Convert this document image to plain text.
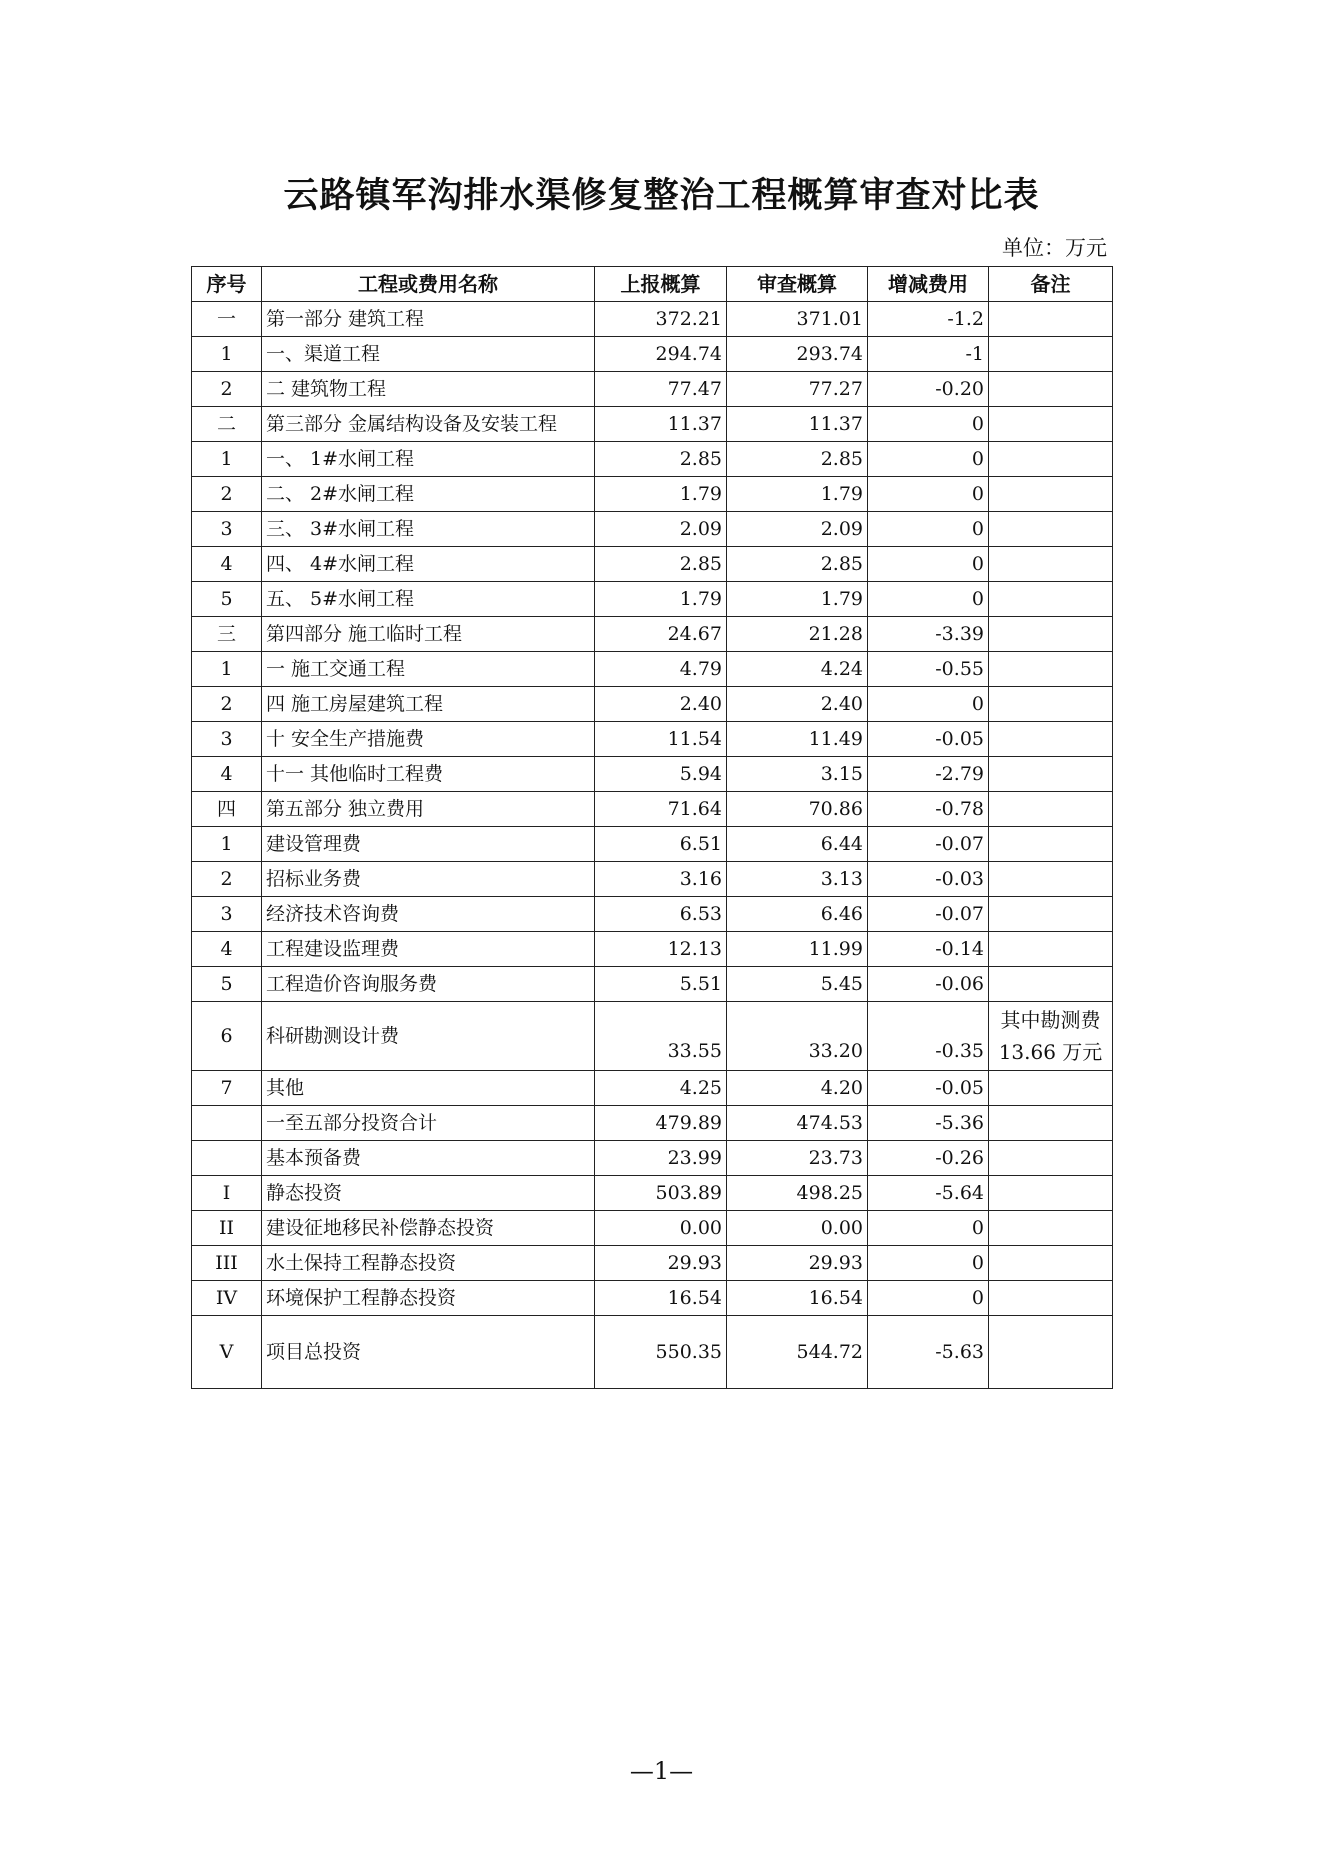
云路镇军沟排水渠修复整治工程概算审查对比表
单位：万元
序号	工程或费用名称	上报概算	审查概算	增减费用	备注
一	第一部分 建筑工程	372.21	371.01	-1.2	
1	一、渠道工程	294.74	293.74	-1	
2	二 建筑物工程	77.47	77.27	-0.20	
二	第三部分 金属结构设备及安装工程	11.37	11.37	0	
1	一、 1#水闸工程	2.85	2.85	0	
2	二、 2#水闸工程	1.79	1.79	0	
3	三、 3#水闸工程	2.09	2.09	0	
4	四、 4#水闸工程	2.85	2.85	0	
5	五、 5#水闸工程	1.79	1.79	0	
三	第四部分 施工临时工程	24.67	21.28	-3.39	
1	一 施工交通工程	4.79	4.24	-0.55	
2	四 施工房屋建筑工程	2.40	2.40	0	
3	十 安全生产措施费	11.54	11.49	-0.05	
4	十一 其他临时工程费	5.94	3.15	-2.79	
四	第五部分 独立费用	71.64	70.86	-0.78	
1	建设管理费	6.51	6.44	-0.07	
2	招标业务费	3.16	3.13	-0.03	
3	经济技术咨询费	6.53	6.46	-0.07	
4	工程建设监理费	12.13	11.99	-0.14	
5	工程造价咨询服务费	5.51	5.45	-0.06	
6	科研勘测设计费	33.55	33.20	-0.35	其中勘测费
13.66 万元

7	其他	4.25	4.20	-0.05	
	一至五部分投资合计	479.89	474.53	-5.36	
	基本预备费	23.99	23.73	-0.26	
I	静态投资	503.89	498.25	-5.64	
II	建设征地移民补偿静态投资	0.00	0.00	0	
III	水土保持工程静态投资	29.93	29.93	0	
IV	环境保护工程静态投资	16.54	16.54	0	
V	项目总投资	550.35	544.72	-5.63	
—1—
